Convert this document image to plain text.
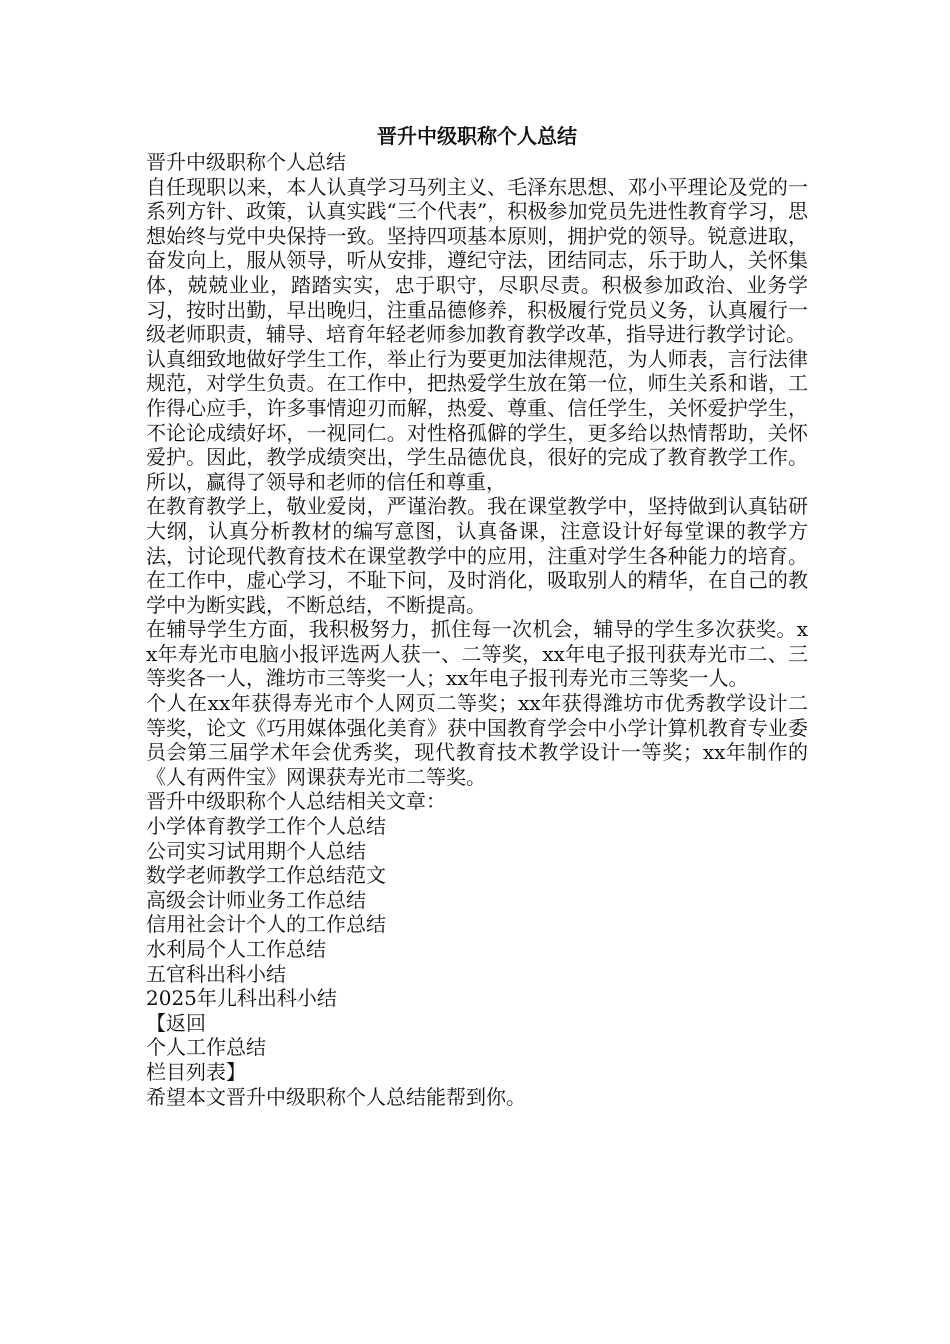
晋升中级职称个人总结
晋升中级职称个人总结
自任现职以来，本人认真学习马列主义、毛泽东思想、邓小平理论及党的一系列方针、政策，认真实践“三个代表”，积极参加党员先进性教育学习，思想始终与党中央保持一致。坚持四项基本原则，拥护党的领导。锐意进取，奋发向上，服从领导，听从安排，遵纪守法，团结同志，乐于助人，关怀集体，兢兢业业，踏踏实实，忠于职守，尽职尽责。积极参加政治、业务学习，按时出勤，早出晚归，注重品德修养，积极履行党员义务，认真履行一级老师职责，辅导、培育年轻老师参加教育教学改革，指导进行教学讨论。
认真细致地做好学生工作，举止行为要更加法律规范，为人师表，言行法律规范，对学生负责。在工作中，把热爱学生放在第一位，师生关系和谐，工作得心应手，许多事情迎刃而解，热爱、尊重、信任学生，关怀爱护学生，不论论成绩好坏，一视同仁。对性格孤僻的学生，更多给以热情帮助，关怀爱护。因此，教学成绩突出，学生品德优良，很好的完成了教育教学工作。所以，赢得了领导和老师的信任和尊重，
在教育教学上，敬业爱岗，严谨治教。我在课堂教学中，坚持做到认真钻研大纲，认真分析教材的编写意图，认真备课，注意设计好每堂课的教学方法，讨论现代教育技术在课堂教学中的应用，注重对学生各种能力的培育。在工作中，虚心学习，不耻下问，及时消化，吸取别人的精华，在自己的教学中为断实践，不断总结，不断提高。
在辅导学生方面，我积极努力，抓住每一次机会，辅导的学生多次获奖。xx年寿光市电脑小报评选两人获一、二等奖，xx年电子报刊获寿光市二、三等奖各一人，潍坊市三等奖一人；xx年电子报刊寿光市三等奖一人。
个人在xx年获得寿光市个人网页二等奖；xx年获得潍坊市优秀教学设计二等奖，论文《巧用媒体强化美育》获中国教育学会中小学计算机教育专业委员会第三届学术年会优秀奖，现代教育技术教学设计一等奖；xx年制作的《人有两件宝》网课获寿光市二等奖。
晋升中级职称个人总结相关文章：
小学体育教学工作个人总结
公司实习试用期个人总结
数学老师教学工作总结范文
高级会计师业务工作总结
信用社会计个人的工作总结
水利局个人工作总结
五官科出科小结
2025年儿科出科小结
【返回
个人工作总结
栏目列表】
希望本文晋升中级职称个人总结能帮到你。
